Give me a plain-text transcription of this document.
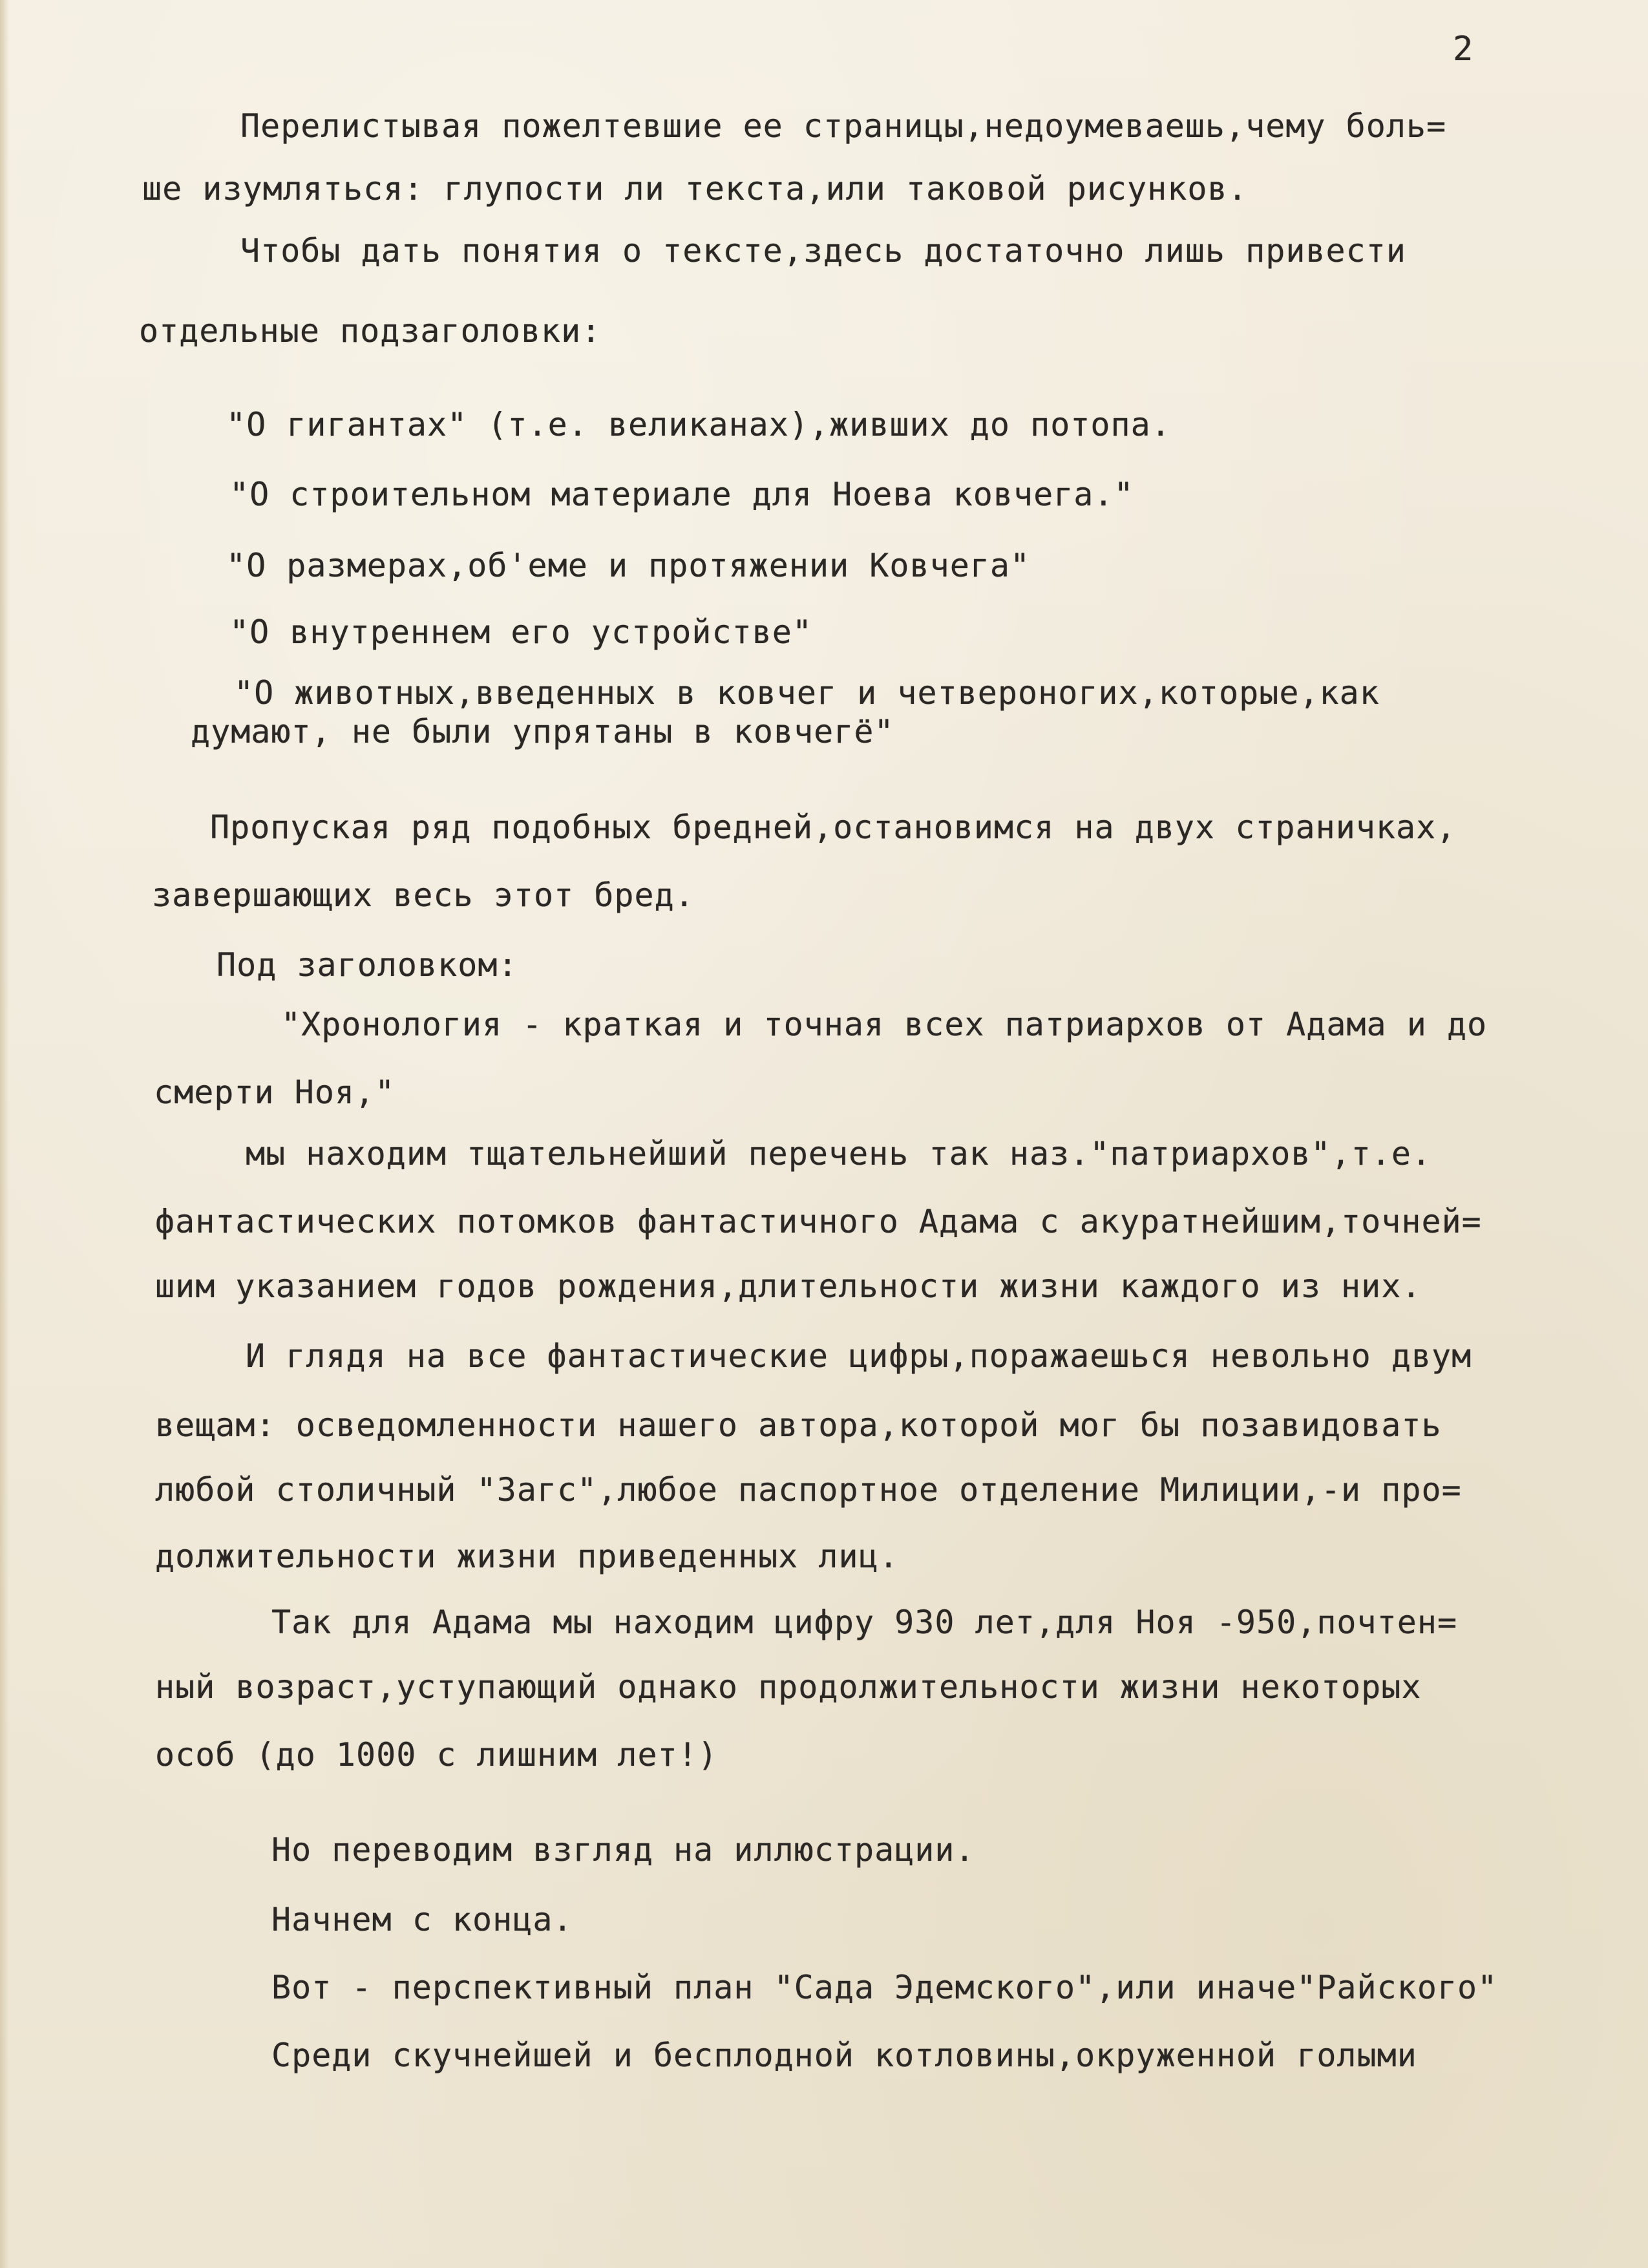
2

Перелистывая пожелтевшие ее страницы,недоумеваешь,чему боль=

ше изумляться: глупости ли текста,или таковой рисунков.

Чтобы дать понятия о тексте,здесь достаточно лишь привести

отдельные подзаголовки:

"О гигантах" (т.е. великанах),живших до потопа.

"О строительном материале для Ноева ковчега."

"О размерах,об'еме и протяжении Ковчега"

"О внутреннем его устройстве"

"О животных,введенных в ковчег и четвероногих,которые,как

думают, не были упрятаны в ковчегё"

Пропуская ряд подобных бредней,остановимся на двух страничках,

завершающих весь этот бред.

Под заголовком:

"Хронология - краткая и точная всех патриархов от Адама и до

смерти Ноя,"

мы находим тщательнейший перечень так наз."патриархов",т.е.

фантастических потомков фантастичного Адама с акуратнейшим,точней=

шим указанием годов рождения,длительности жизни каждого из них.

И глядя на все фантастические цифры,поражаешься невольно двум

вещам: осведомленности нашего автора,которой мог бы позавидовать

любой столичный "Загс",любое паспортное отделение Милиции,-и про=

должительности жизни приведенных лиц.

Так для Адама мы находим цифру 930 лет,для Ноя -950,почтен=

ный возраст,уступающий однако продолжительности жизни некоторых

особ (до 1000 с лишним лет!)

Но переводим взгляд на иллюстрации.

Начнем с конца.

Вот - перспективный план "Сада Эдемского",или иначе"Райского"

Среди скучнейшей и бесплодной котловины,окруженной голыми
